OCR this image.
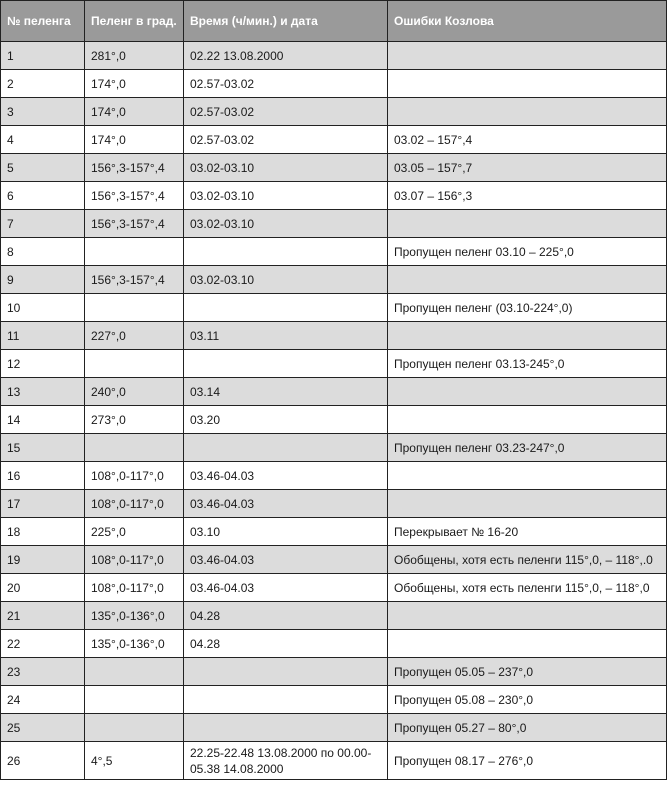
№ пеленга	Пеленг в град.	Время (ч/мин.) и дата	Ошибки Козлова
1	281°,0	02.22 13.08.2000	
2	174°,0	02.57-03.02	
3	174°,0	02.57-03.02	
4	174°,0	02.57-03.02	03.02 – 157°,4
5	156°,3-157°,4	03.02-03.10	03.05 – 157°,7
6	156°,3-157°,4	03.02-03.10	03.07 – 156°,3
7	156°,3-157°,4	03.02-03.10	
8			Пропущен пеленг 03.10 – 225°,0
9	156°,3-157°,4	03.02-03.10	
10			Пропущен пеленг (03.10-224°,0)
11	227°,0	03.11	
12			Пропущен пеленг 03.13-245°,0
13	240°,0	03.14	
14	273°,0	03.20	
15			Пропущен пеленг 03.23-247°,0
16	108°,0-117°,0	03.46-04.03	
17	108°,0-117°,0	03.46-04.03	
18	225°,0	03.10	Перекрывает № 16-20
19	108°,0-117°,0	03.46-04.03	Обобщены, хотя есть пеленги 115°,0, – 118°,.0
20	108°,0-117°,0	03.46-04.03	Обобщены, хотя есть пеленги 115°,0, – 118°,0
21	135°,0-136°,0	04.28	
22	135°,0-136°,0	04.28	
23			Пропущен 05.05 – 237°,0
24			Пропущен 05.08 – 230°,0
25			Пропущен 05.27 – 80°,0
26	4°,5	22.25-22.48 13.08.2000 по 00.00-05.38 14.08.2000	Пропущен 08.17 – 276°,0
